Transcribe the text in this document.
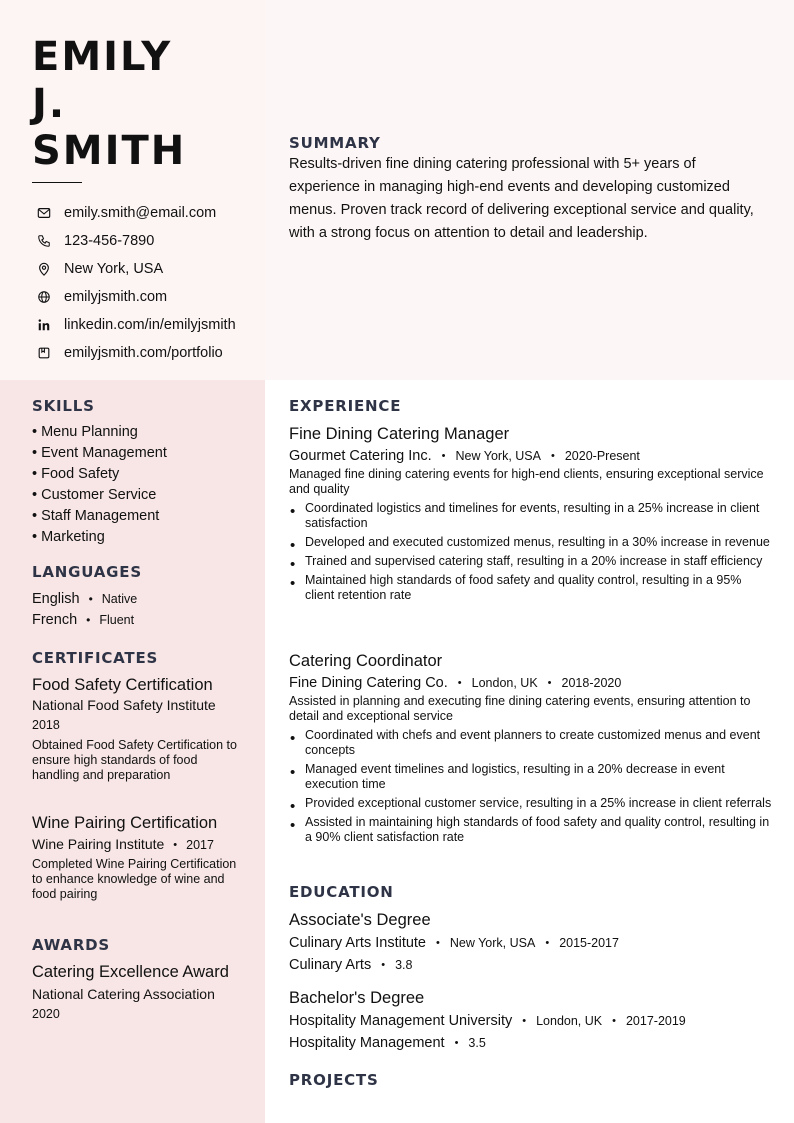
EMILY
J.
SMITH
emily.smith@email.com
123-456-7890
New York, USA
emilyjsmith.com
linkedin.com/in/emilyjsmith
emilyjsmith.com/portfolio
SUMMARY
Results-driven fine dining catering professional with 5+ years of experience in managing high-end events and developing customized menus. Proven track record of delivering exceptional service and quality, with a strong focus on attention to detail and leadership.
SKILLS
• Menu Planning
• Event Management
• Food Safety
• Customer Service
• Staff Management
• Marketing
LANGUAGES
English • Native
French • Fluent
CERTIFICATES
Food Safety Certification
National Food Safety Institute
2018
Obtained Food Safety Certification to ensure high standards of food handling and preparation
Wine Pairing Certification
Wine Pairing Institute • 2017
Completed Wine Pairing Certification to enhance knowledge of wine and food pairing
AWARDS
Catering Excellence Award
National Catering Association
2020
EXPERIENCE
Fine Dining Catering Manager
Gourmet Catering Inc. • New York, USA • 2020-Present
Managed fine dining catering events for high-end clients, ensuring exceptional service and quality
• Coordinated logistics and timelines for events, resulting in a 25% increase in client satisfaction
• Developed and executed customized menus, resulting in a 30% increase in revenue
• Trained and supervised catering staff, resulting in a 20% increase in staff efficiency
• Maintained high standards of food safety and quality control, resulting in a 95% client retention rate
Catering Coordinator
Fine Dining Catering Co. • London, UK • 2018-2020
Assisted in planning and executing fine dining catering events, ensuring attention to detail and exceptional service
• Coordinated with chefs and event planners to create customized menus and event concepts
• Managed event timelines and logistics, resulting in a 20% decrease in event execution time
• Provided exceptional customer service, resulting in a 25% increase in client referrals
• Assisted in maintaining high standards of food safety and quality control, resulting in a 90% client satisfaction rate
EDUCATION
Associate's Degree
Culinary Arts Institute • New York, USA • 2015-2017
Culinary Arts • 3.8
Bachelor's Degree
Hospitality Management University • London, UK • 2017-2019
Hospitality Management • 3.5
PROJECTS
